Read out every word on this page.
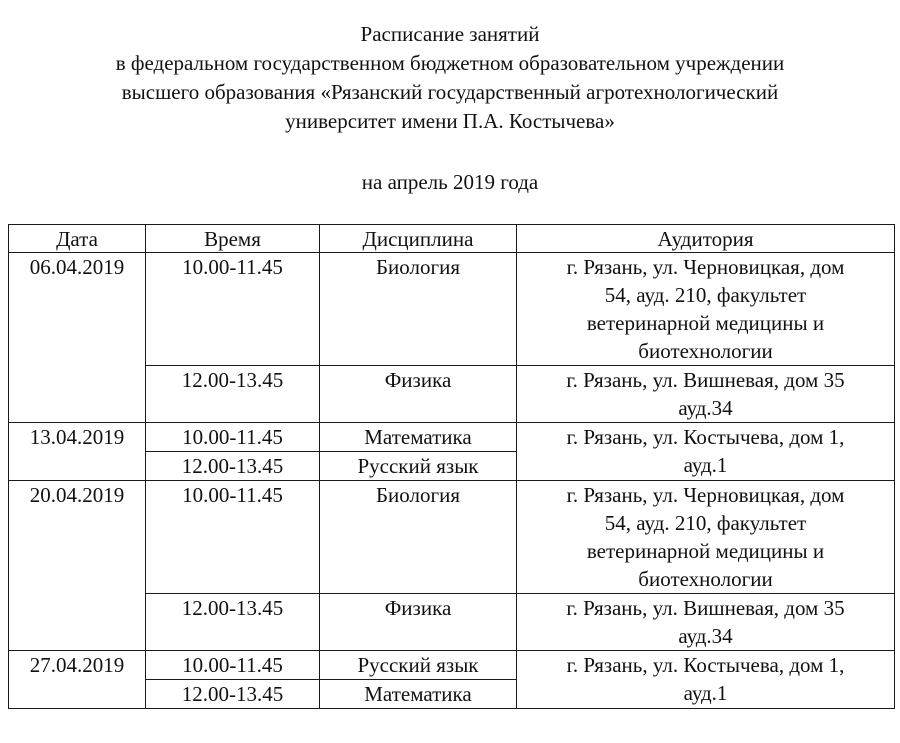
Расписание занятий
в федеральном государственном бюджетном образовательном учреждении
высшего образования «Рязанский государственный агротехнологический
университет имени П.А. Костычева»
на апрель 2019 года
Дата	Время	Дисциплина	Аудитория
06.04.2019	10.00-11.45	Биология	г. Рязань, ул. Черновицкая, дом
54, ауд. 210, факультет
ветеринарной медицины и
биотехнологии

	12.00-13.45	Физика	г. Рязань, ул. Вишневая, дом 35
ауд.34

13.04.2019	10.00-11.45	Математика	г. Рязань, ул. Костычева, дом 1,
ауд.1

	12.00-13.45	Русский язык	
20.04.2019	10.00-11.45	Биология	г. Рязань, ул. Черновицкая, дом
54, ауд. 210, факультет
ветеринарной медицины и
биотехнологии

	12.00-13.45	Физика	г. Рязань, ул. Вишневая, дом 35
ауд.34

27.04.2019	10.00-11.45	Русский язык	г. Рязань, ул. Костычева, дом 1,
ауд.1

	12.00-13.45	Математика	
